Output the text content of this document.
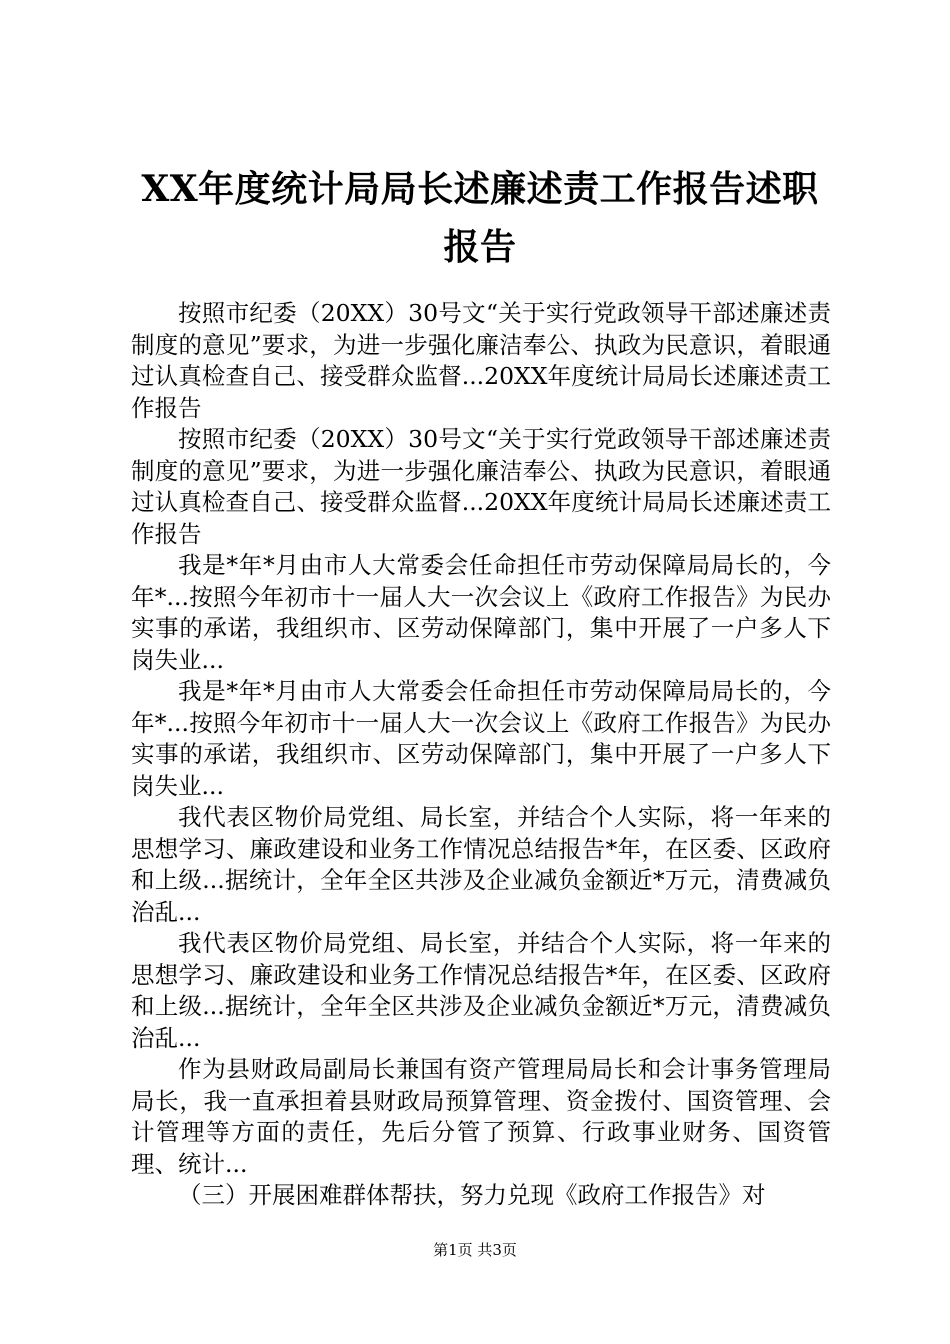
XX年度统计局局长述廉述责工作报告述职报告

按照市纪委（20XX）30号文“关于实行党政领导干部述廉述责制度的意见”要求，为进一步强化廉洁奉公、执政为民意识，着眼通过认真检查自己、接受群众监督...20XX年度统计局局长述廉述责工作报告

按照市纪委（20XX）30号文“关于实行党政领导干部述廉述责制度的意见”要求，为进一步强化廉洁奉公、执政为民意识，着眼通过认真检查自己、接受群众监督...20XX年度统计局局长述廉述责工作报告

我是*年*月由市人大常委会任命担任市劳动保障局局长的，今年*...按照今年初市十一届人大一次会议上《政府工作报告》为民办实事的承诺，我组织市、区劳动保障部门，集中开展了一户多人下岗失业...

我是*年*月由市人大常委会任命担任市劳动保障局局长的，今年*...按照今年初市十一届人大一次会议上《政府工作报告》为民办实事的承诺，我组织市、区劳动保障部门，集中开展了一户多人下岗失业...

我代表区物价局党组、局长室，并结合个人实际，将一年来的思想学习、廉政建设和业务工作情况总结报告*年，在区委、区政府和上级...据统计，全年全区共涉及企业减负金额近*万元，清费减负治乱...

我代表区物价局党组、局长室，并结合个人实际，将一年来的思想学习、廉政建设和业务工作情况总结报告*年，在区委、区政府和上级...据统计，全年全区共涉及企业减负金额近*万元，清费减负治乱...

作为县财政局副局长兼国有资产管理局局长和会计事务管理局局长，我一直承担着县财政局预算管理、资金拨付、国资管理、会计管理等方面的责任，先后分管了预算、行政事业财务、国资管理、统计...

（三）开展困难群体帮扶，努力兑现《政府工作报告》对

第1页 共3页
